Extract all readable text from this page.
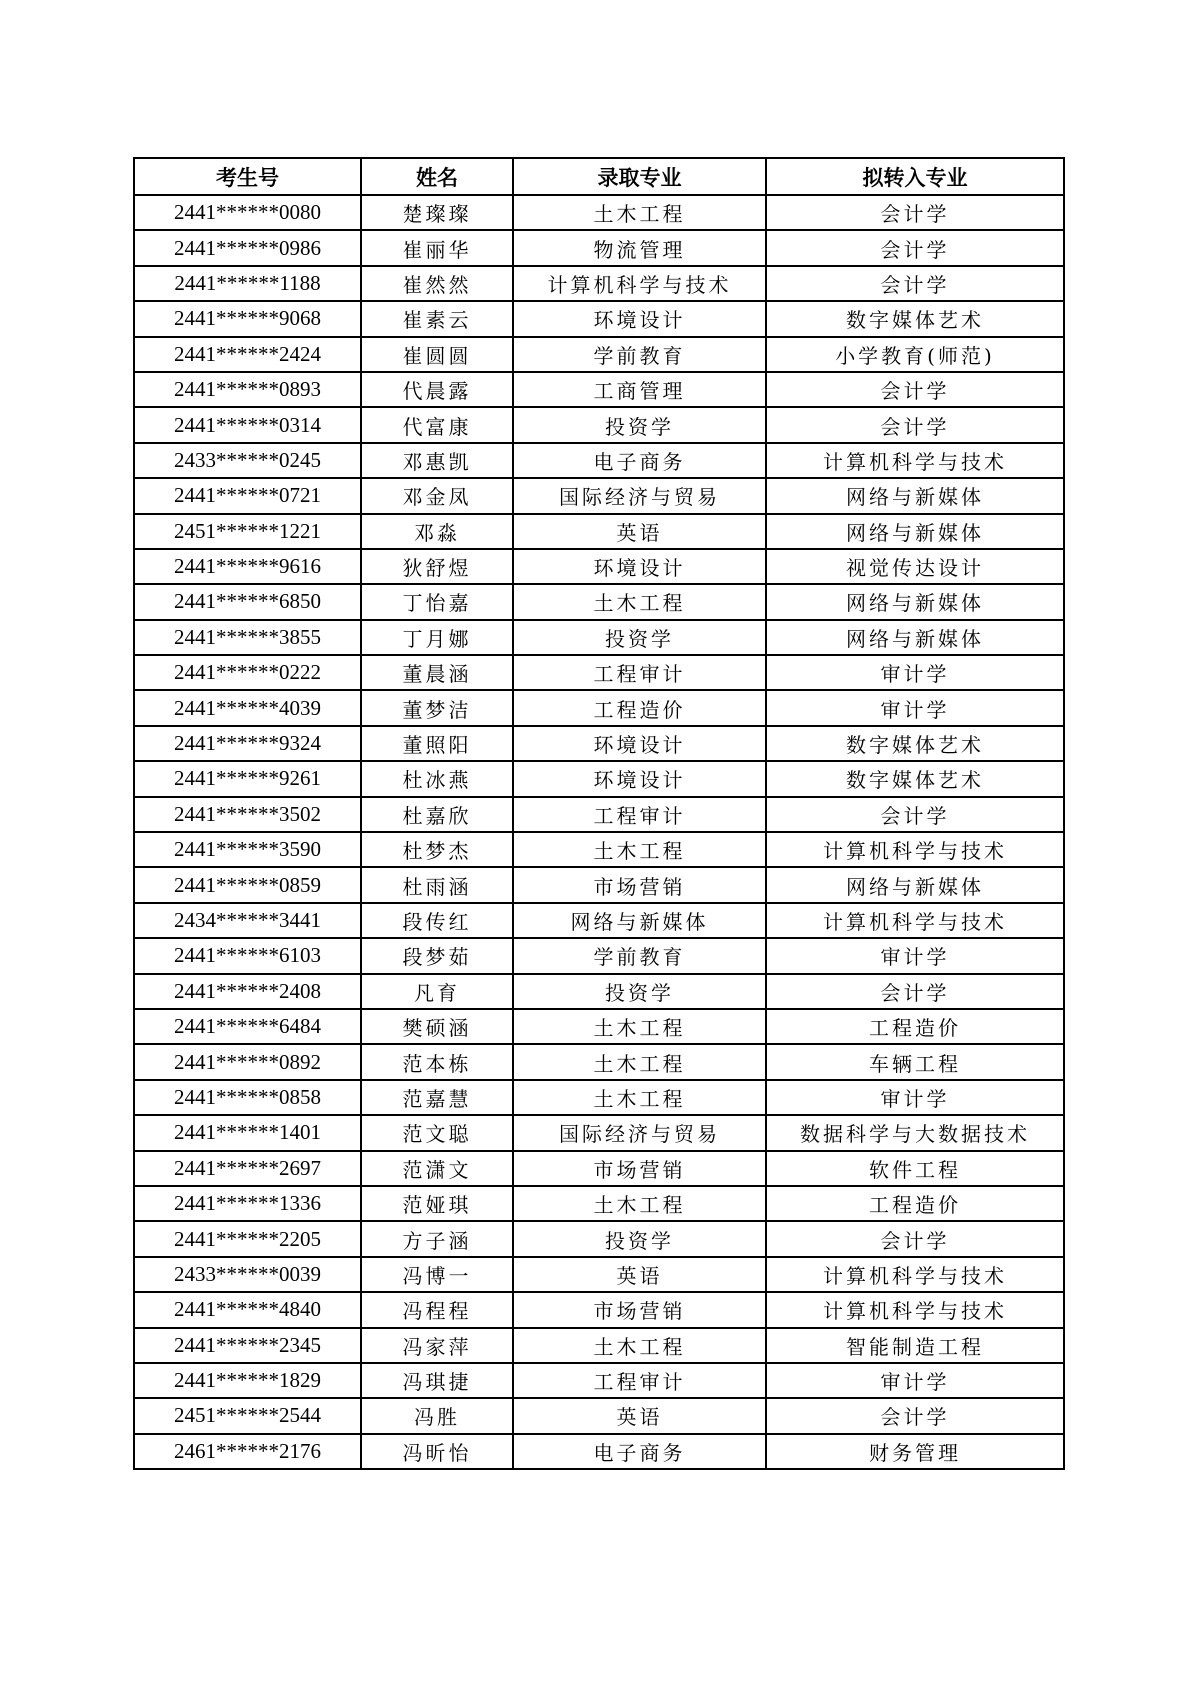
考生号	姓名	录取专业	拟转入专业
2441******0080	楚璨璨	土木工程	会计学
2441******0986	崔丽华	物流管理	会计学
2441******1188	崔然然	计算机科学与技术	会计学
2441******9068	崔素云	环境设计	数字媒体艺术
2441******2424	崔圆圆	学前教育	小学教育(师范)
2441******0893	代晨露	工商管理	会计学
2441******0314	代富康	投资学	会计学
2433******0245	邓惠凯	电子商务	计算机科学与技术
2441******0721	邓金凤	国际经济与贸易	网络与新媒体
2451******1221	邓淼	英语	网络与新媒体
2441******9616	狄舒煜	环境设计	视觉传达设计
2441******6850	丁怡嘉	土木工程	网络与新媒体
2441******3855	丁月娜	投资学	网络与新媒体
2441******0222	董晨涵	工程审计	审计学
2441******4039	董梦洁	工程造价	审计学
2441******9324	董照阳	环境设计	数字媒体艺术
2441******9261	杜冰燕	环境设计	数字媒体艺术
2441******3502	杜嘉欣	工程审计	会计学
2441******3590	杜梦杰	土木工程	计算机科学与技术
2441******0859	杜雨涵	市场营销	网络与新媒体
2434******3441	段传红	网络与新媒体	计算机科学与技术
2441******6103	段梦茹	学前教育	审计学
2441******2408	凡育	投资学	会计学
2441******6484	樊硕涵	土木工程	工程造价
2441******0892	范本栋	土木工程	车辆工程
2441******0858	范嘉慧	土木工程	审计学
2441******1401	范文聪	国际经济与贸易	数据科学与大数据技术
2441******2697	范潇文	市场营销	软件工程
2441******1336	范娅琪	土木工程	工程造价
2441******2205	方子涵	投资学	会计学
2433******0039	冯博一	英语	计算机科学与技术
2441******4840	冯程程	市场营销	计算机科学与技术
2441******2345	冯家萍	土木工程	智能制造工程
2441******1829	冯琪捷	工程审计	审计学
2451******2544	冯胜	英语	会计学
2461******2176	冯昕怡	电子商务	财务管理
